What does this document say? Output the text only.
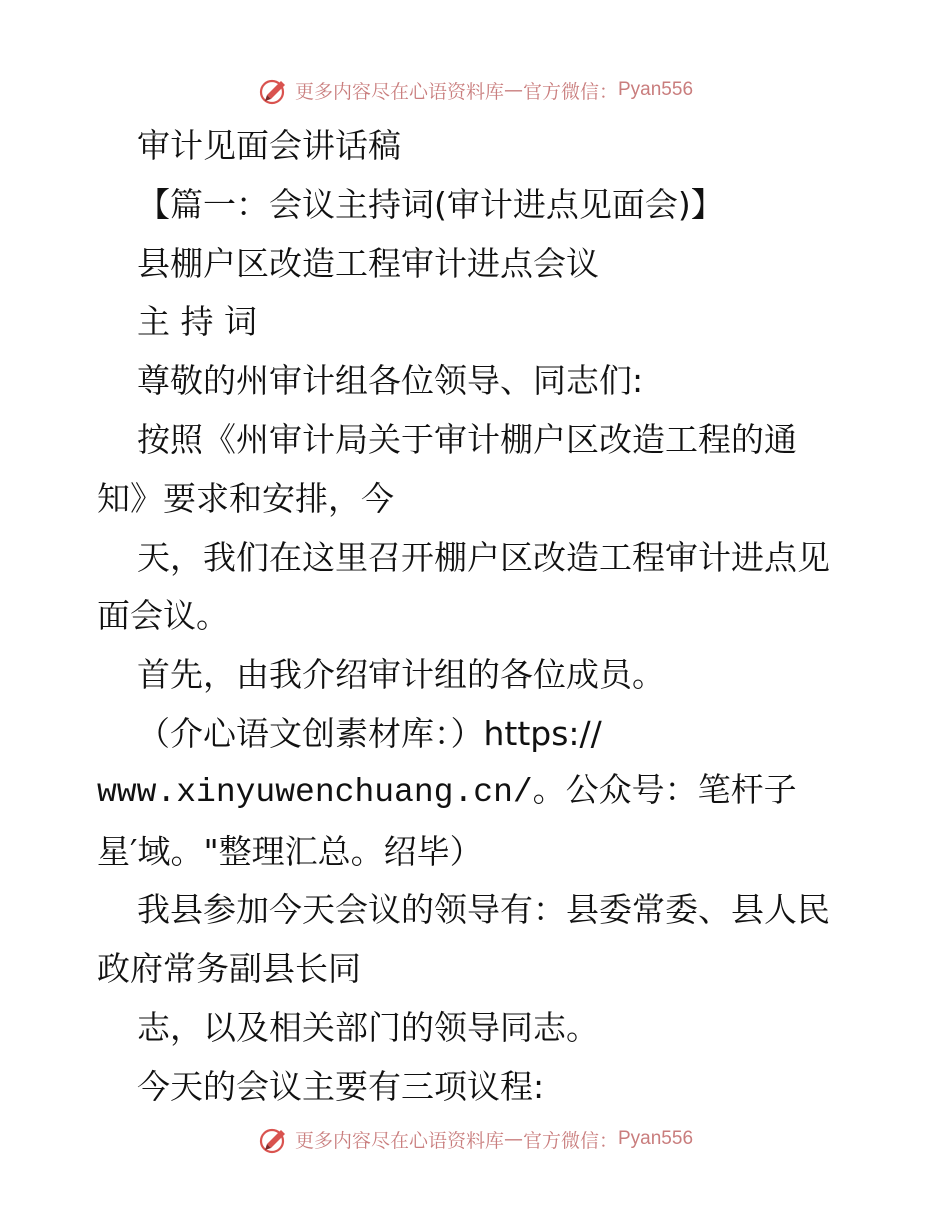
更多内容尽在心语资料库 — 官方微信： Pyan556
审计见面会讲话稿
【篇一：会议主持词(审计进点见面会)】
县棚户区改造工程审计进点会议
主 持 词
尊敬的州审计组各位领导、同志们:
按照《州审计局关于审计棚户区改造工程的通
知》要求和安排，今
天，我们在这里召开棚户区改造工程审计进点见
面会议。
首先，由我介绍审计组的各位成员。
（介心语文创素材库：）https://
www.xinyuwenchuang.cn/。公众号：笔杆子
星′域。"整理汇总。绍毕）
我县参加今天会议的领导有：县委常委、县人民
政府常务副县长同
志，以及相关部门的领导同志。
今天的会议主要有三项议程:
更多内容尽在心语资料库 — 官方微信： Pyan556
